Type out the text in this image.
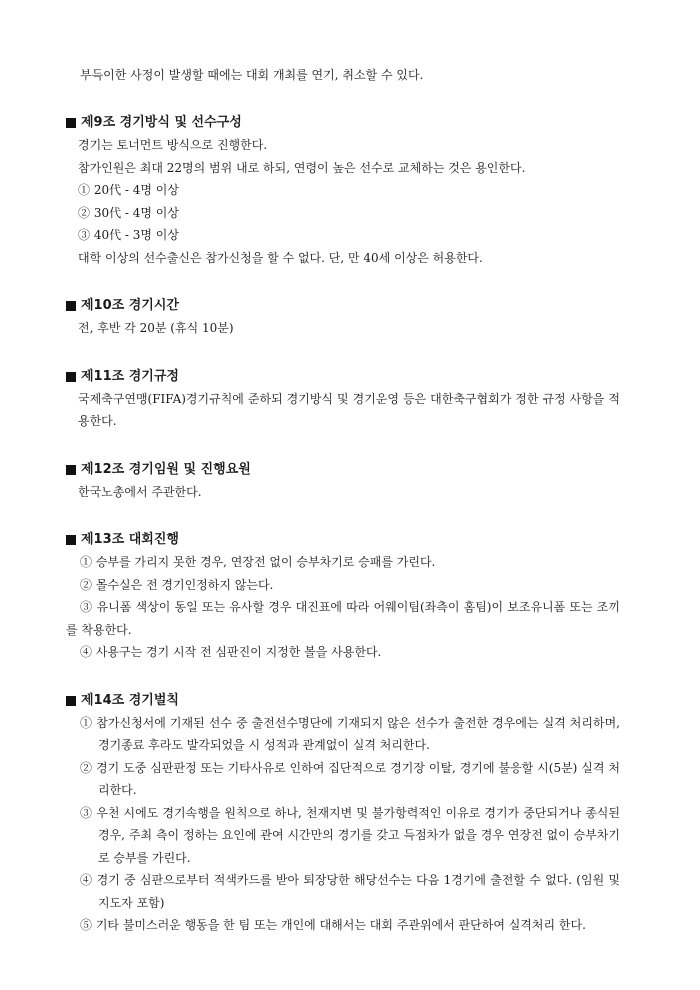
부득이한 사정이 발생할 때에는 대회 개최를 연기, 취소할 수 있다.

제9조 경기방식 및 선수구성

경기는 토너먼트 방식으로 진행한다.

참가인원은 최대 22명의 범위 내로 하되, 연령이 높은 선수로 교체하는 것은 용인한다.

① 20代 - 4명 이상

② 30代 - 4명 이상

③ 40代 - 3명 이상

대학 이상의 선수출신은 참가신청을 할 수 없다. 단, 만 40세 이상은 허용한다.

제10조 경기시간

전, 후반 각 20분 (휴식 10분)

제11조 경기규정

국제축구연맹(FIFA)경기규칙에 준하되 경기방식 및 경기운영 등은 대한축구협회가 정한 규정 사항을 적용한다.

제12조 경기임원 및 진행요원

한국노총에서 주관한다.

제13조 대회진행

① 승부를 가리지 못한 경우, 연장전 없이 승부차기로 승패를 가린다.

② 몰수실은 전 경기인정하지 않는다.

③ 유니폼 색상이 동일 또는 유사할 경우 대진표에 따라 어웨이팀(좌측이 홈팀)이 보조유니폼 또는 조끼를 착용한다.

④ 사용구는 경기 시작 전 심판진이 지정한 볼을 사용한다.

제14조 경기벌칙

① 참가신청서에 기재된 선수 중 출전선수명단에 기재되지 않은 선수가 출전한 경우에는 실격 처리하며, 경기종료 후라도 발각되었을 시 성적과 관계없이 실격 처리한다.

② 경기 도중 심판판정 또는 기타사유로 인하여 집단적으로 경기장 이탈, 경기에 불응할 시(5분) 실격 처리한다.

③ 우천 시에도 경기속행을 원칙으로 하나, 천재지변 및 불가항력적인 이유로 경기가 중단되거나 종식된 경우, 주최 측이 정하는 요인에 관여 시간만의 경기를 갖고 득점차가 없을 경우 연장전 없이 승부차기로 승부를 가린다.

④ 경기 중 심판으로부터 적색카드를 받아 퇴장당한 해당선수는 다음 1경기에 출전할 수 없다. (임원 및 지도자 포함)

⑤ 기타 불미스러운 행동을 한 팀 또는 개인에 대해서는 대회 주관위에서 판단하여 실격처리 한다.
